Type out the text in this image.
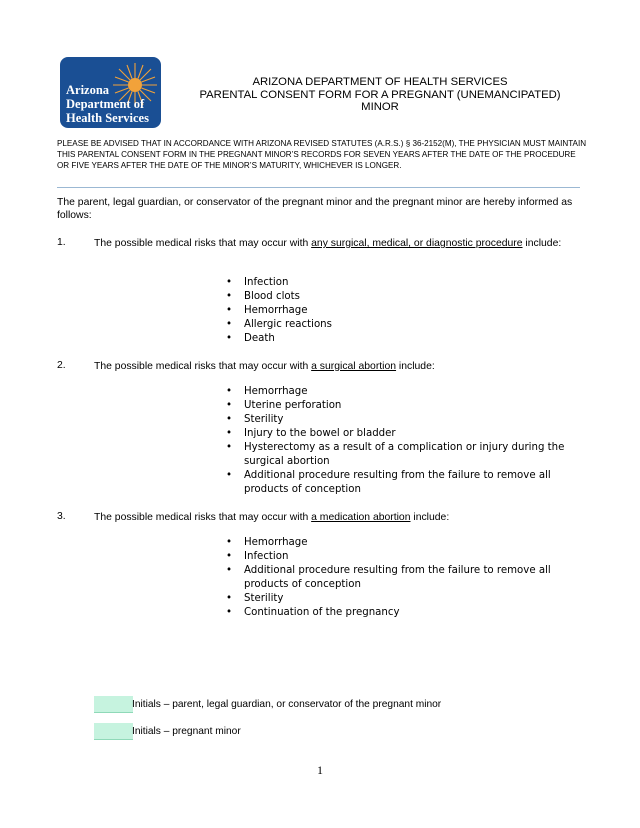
Arizona
Department of
Health Services
ARIZONA DEPARTMENT OF HEALTH SERVICES
PARENTAL CONSENT FORM FOR A PREGNANT (UNEMANCIPATED)
MINOR
PLEASE BE ADVISED THAT IN ACCORDANCE WITH ARIZONA REVISED STATUTES (A.R.S.) § 36-2152(M), THE PHYSICIAN MUST MAINTAIN THIS PARENTAL CONSENT FORM IN THE PREGNANT MINOR’S RECORDS FOR SEVEN YEARS AFTER THE DATE OF THE PROCEDURE OR FIVE YEARS AFTER THE DATE OF THE MINOR’S MATURITY, WHICHEVER IS LONGER.
The parent, legal guardian, or conservator of the pregnant minor and the pregnant minor are hereby informed as follows:
1.	The possible medical risks that may occur with any surgical, medical, or diagnostic procedure include:
• Infection
• Blood clots
• Hemorrhage
• Allergic reactions
• Death
2.	The possible medical risks that may occur with a surgical abortion include:
• Hemorrhage
• Uterine perforation
• Sterility
• Injury to the bowel or bladder
• Hysterectomy as a result of a complication or injury during the surgical abortion
• Additional procedure resulting from the failure to remove all products of conception
3.	The possible medical risks that may occur with a medication abortion include:
• Hemorrhage
• Infection
• Additional procedure resulting from the failure to remove all products of conception
• Sterility
• Continuation of the pregnancy
Initials – parent, legal guardian, or conservator of the pregnant minor
Initials – pregnant minor
1
